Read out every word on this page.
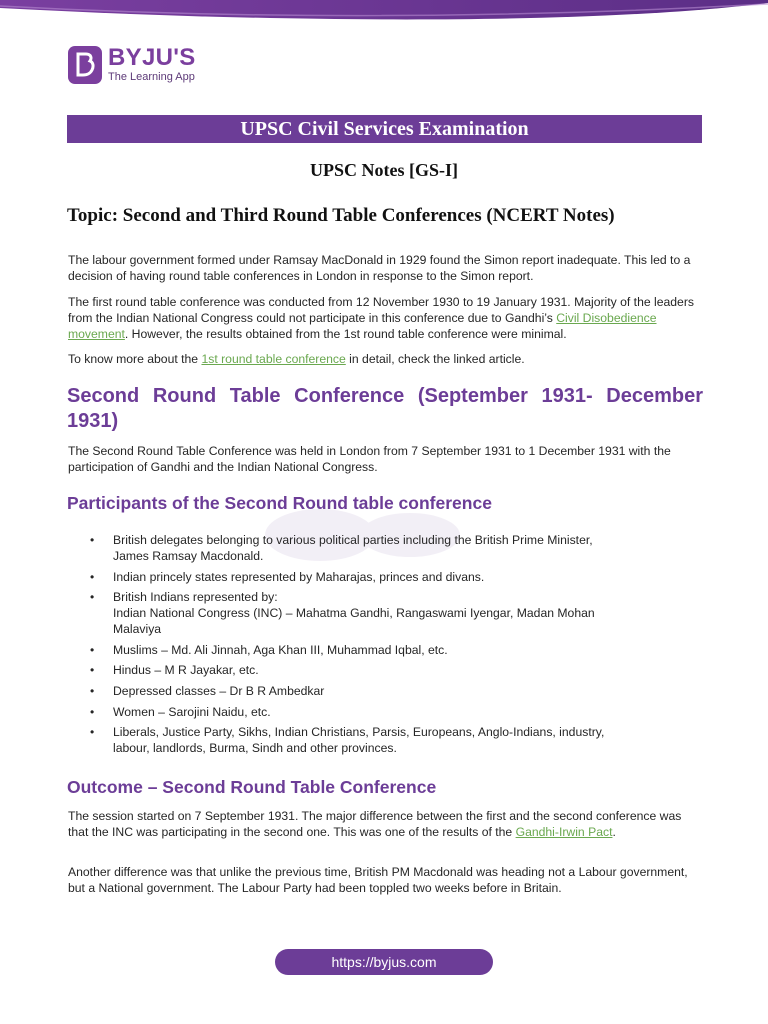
BYJU'S
The Learning App
UPSC Civil Services Examination
UPSC Notes [GS-I]
Topic: Second and Third Round Table Conferences (NCERT Notes)
The labour government formed under Ramsay MacDonald in 1929 found the Simon report inadequate. This led to a decision of having round table conferences in London in response to the Simon report.
The first round table conference was conducted from 12 November 1930 to 19 January 1931. Majority of the leaders from the Indian National Congress could not participate in this conference due to Gandhi’s Civil Disobedience movement. However, the results obtained from the 1st round table conference were minimal.
To know more about the 1st round table conference in detail, check the linked article.
Second Round Table Conference (September 1931- December
1931)
The Second Round Table Conference was held in London from 7 September 1931 to 1 December 1931 with the participation of Gandhi and the Indian National Congress.
Participants of the Second Round table conference
• British delegates belonging to various political parties including the British Prime Minister, James Ramsay Macdonald.
• Indian princely states represented by Maharajas, princes and divans.
• British Indians represented by:
Indian National Congress (INC) – Mahatma Gandhi, Rangaswami Iyengar, Madan Mohan Malaviya
• Muslims – Md. Ali Jinnah, Aga Khan III, Muhammad Iqbal, etc.
• Hindus – M R Jayakar, etc.
• Depressed classes – Dr B R Ambedkar
• Women – Sarojini Naidu, etc.
• Liberals, Justice Party, Sikhs, Indian Christians, Parsis, Europeans, Anglo-Indians, industry, labour, landlords, Burma, Sindh and other provinces.
Outcome – Second Round Table Conference
The session started on 7 September 1931. The major difference between the first and the second conference was that the INC was participating in the second one. This was one of the results of the Gandhi-Irwin Pact.
Another difference was that unlike the previous time, British PM Macdonald was heading not a Labour government, but a National government. The Labour Party had been toppled two weeks before in Britain.
https://byjus.com
